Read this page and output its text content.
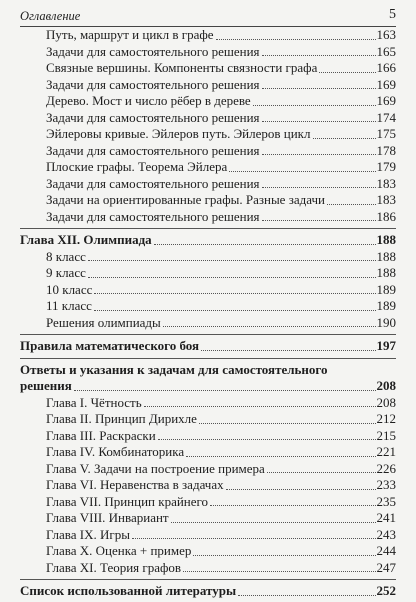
Оглавление	5
Путь, маршрут и цикл в графе	163
Задачи для самостоятельного решения	165
Связные вершины. Компоненты связности графа	166
Задачи для самостоятельного решения	169
Дерево. Мост и число рёбер в дереве	169
Задачи для самостоятельного решения	174
Эйлеровы кривые. Эйлеров путь. Эйлеров цикл	175
Задачи для самостоятельного решения	178
Плоские графы. Теорема Эйлера	179
Задачи для самостоятельного решения	183
Задачи на ориентированные графы. Разные задачи	183
Задачи для самостоятельного решения	186
Глава XII. Олимпиада	188
8 класс	188
9 класс	188
10 класс	189
11 класс	189
Решения олимпиады	190
Правила математического боя	197
Ответы и указания к задачам для самостоятельного
решения	208
Глава I. Чётность	208
Глава II. Принцип Дирихле	212
Глава III. Раскраски	215
Глава IV. Комбинаторика	221
Глава V. Задачи на построение примера	226
Глава VI. Неравенства в задачах	233
Глава VII. Принцип крайнего	235
Глава VIII. Инвариант	241
Глава IX. Игры	243
Глава X. Оценка + пример	244
Глава XI. Теория графов	247
Список использованной литературы	252
